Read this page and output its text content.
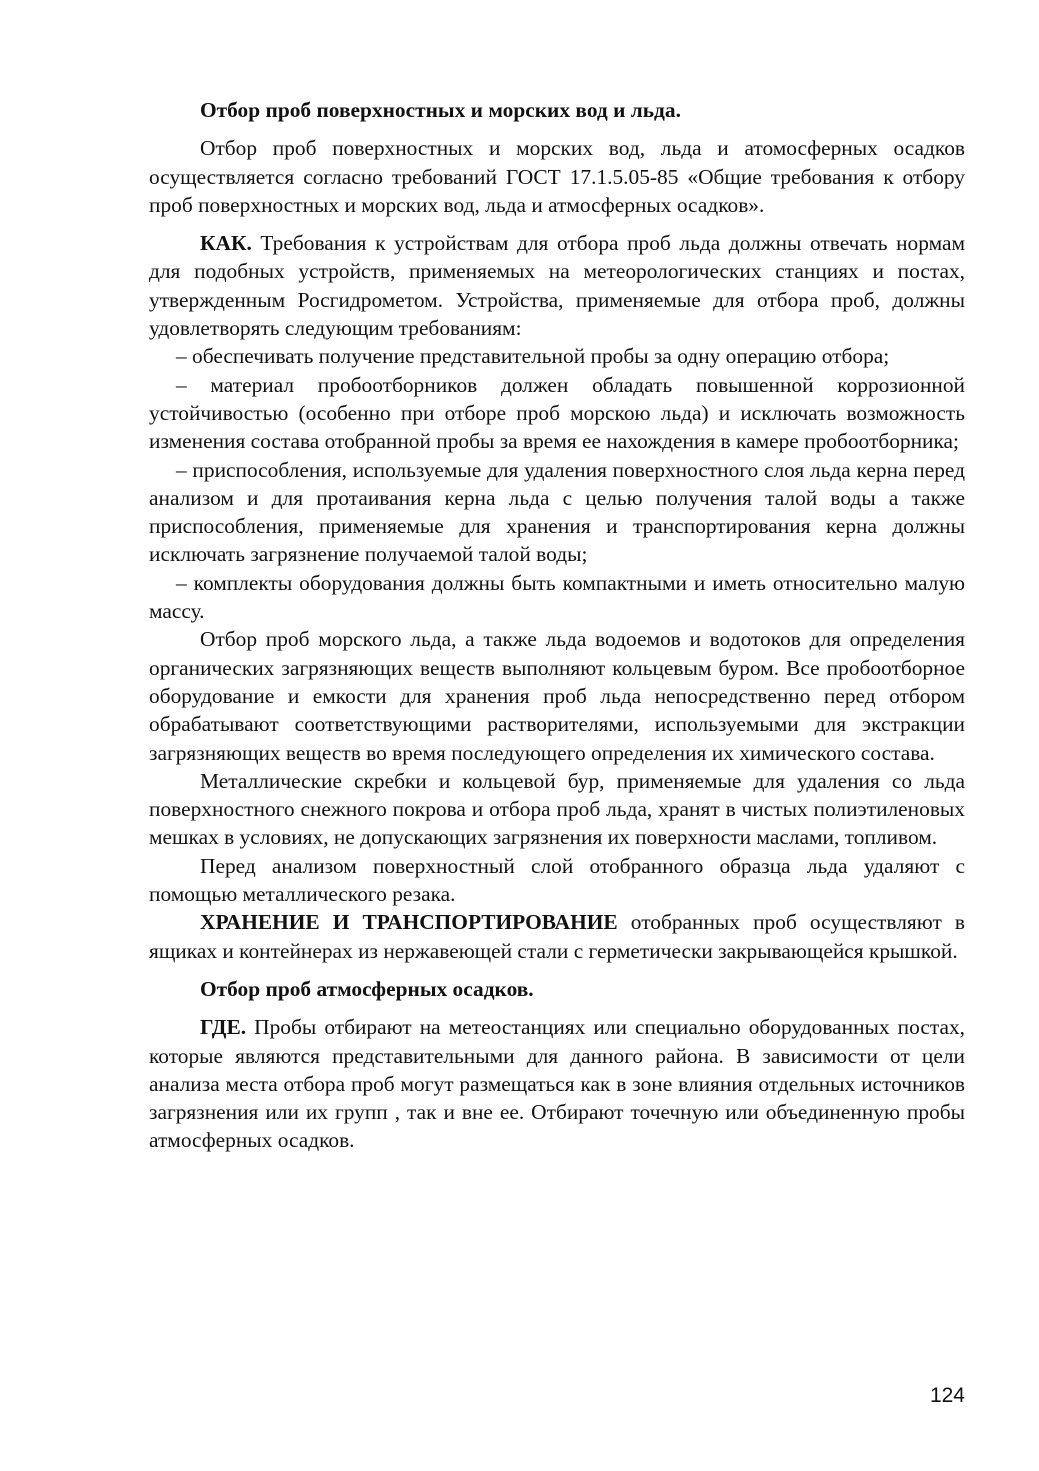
Отбор проб поверхностных и морских вод и льда.

Отбор проб поверхностных и морских вод, льда и атомосферных осадков осуществляется согласно требований ГОСТ 17.1.5.05-85 «Общие требования к отбору проб поверхностных и морских вод, льда и атмосферных осадков».

КАК. Требования к устройствам для отбора проб льда должны отвечать нормам для подобных устройств, применяемых на метеорологических станциях и постах, утвержденным Росгидрометом. Устройства, применяемые для отбора проб, должны удовлетворять следующим требованиям:

– обеспечивать получение представительной пробы за одну операцию отбора;

– материал пробоотборников должен обладать повышенной коррозионной устойчивостью (особенно при отборе проб морскою льда) и исключать возможность изменения состава отобранной пробы за время ее нахождения в камере пробоотборника;

– приспособления, используемые для удаления поверхностного слоя льда керна перед анализом и для протаивания керна льда с целью получения талой воды а также приспособления, применяемые для хранения и транспортирования керна должны исключать загрязнение получаемой талой воды;

– комплекты оборудования должны быть компактными и иметь относительно малую массу.

Отбор проб морского льда, а также льда водоемов и водотоков для определения органических загрязняющих веществ выполняют кольцевым буром. Все пробоотборное оборудование и емкости для хранения проб льда непосредственно перед отбором обрабатывают соответствующими растворителями, используемыми для экстракции загрязняющих веществ во время последующего определения их химического состава.

Металлические скребки и кольцевой бур, применяемые для удаления со льда поверхностного снежного покрова и отбора проб льда, хранят в чистых полиэтиленовых мешках в условиях, не допускающих загрязнения их поверхности маслами, топливом.

Перед анализом поверхностный слой отобранного образца льда удаляют с помощью металлического резака.

ХРАНЕНИЕ И ТРАНСПОРТИРОВАНИЕ отобранных проб осуществляют в ящиках и контейнерах из нержавеющей стали с герметически закрывающейся крышкой.

Отбор проб атмосферных осадков.

ГДЕ. Пробы отбирают на метеостанциях или специально оборудованных постах, которые являются представительными для данного района. В зависимости от цели анализа места отбора проб могут размещаться как в зоне влияния отдельных источников загрязнения или их групп , так и вне ее. Отбирают точечную или объединенную пробы атмосферных осадков.

124
